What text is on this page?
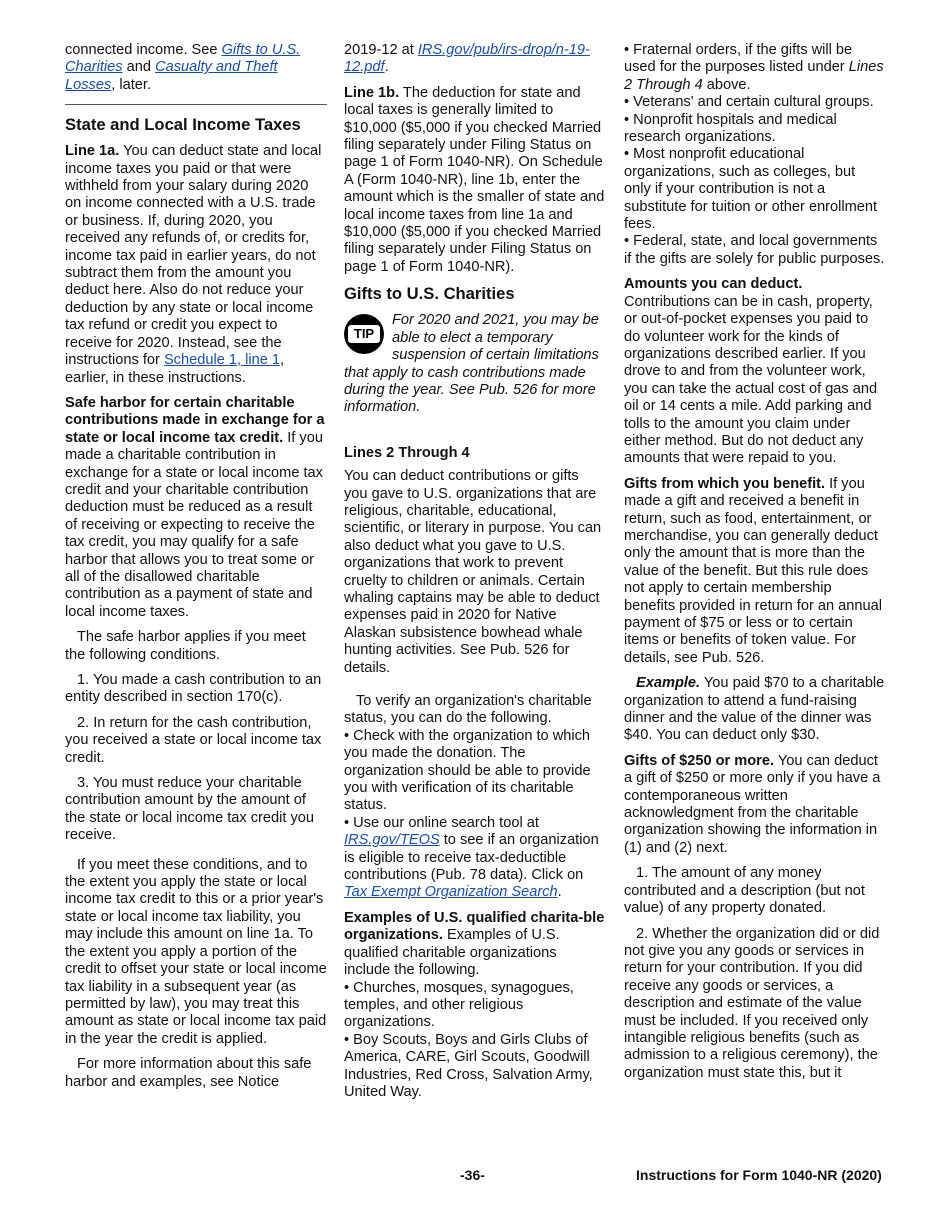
connected income. See Gifts to U.S. Charities and Casualty and Theft Losses, later.

State and Local Income Taxes

Line 1a. You can deduct state and local income taxes you paid or that were withheld from your salary during 2020 on income connected with a U.S. trade or business. If, during 2020, you received any refunds of, or credits for, income tax paid in earlier years, do not subtract them from the amount you deduct here. Also do not reduce your deduction by any state or local income tax refund or credit you expect to receive for 2020. Instead, see the instructions for Schedule 1, line 1, earlier, in these instructions.

Safe harbor for certain charitable contributions made in exchange for a state or local income tax credit. If you made a charitable contribution in exchange for a state or local income tax credit and your charitable contribution deduction must be reduced as a result of receiving or expecting to receive the tax credit, you may qualify for a safe harbor that allows you to treat some or all of the disallowed charitable contribution as a payment of state and local income taxes.

The safe harbor applies if you meet the following conditions.

1. You made a cash contribution to an entity described in section 170(c).

2. In return for the cash contribution, you received a state or local income tax credit.

3. You must reduce your charitable contribution amount by the amount of the state or local income tax credit you receive.

If you meet these conditions, and to the extent you apply the state or local income tax credit to this or a prior year's state or local income tax liability, you may include this amount on line 1a. To the extent you apply a portion of the credit to offset your state or local income tax liability in a subsequent year (as permitted by law), you may treat this amount as state or local income tax paid in the year the credit is applied.

For more information about this safe harbor and examples, see Notice

2019-12 at IRS.gov/pub/irs-drop/n-19-12.pdf.

Line 1b. The deduction for state and local taxes is generally limited to $10,000 ($5,000 if you checked Married filing separately under Filing Status on page 1 of Form 1040-NR). On Schedule A (Form 1040-NR), line 1b, enter the amount which is the smaller of state and local income taxes from line 1a and $10,000 ($5,000 if you checked Married filing separately under Filing Status on page 1 of Form 1040-NR).

Gifts to U.S. Charities
TIP
For 2020 and 2021, you may be able to elect a temporary suspension of certain limitations that apply to cash contributions made during the year. See Pub. 526 for more information.
Lines 2 Through 4

You can deduct contributions or gifts you gave to U.S. organizations that are religious, charitable, educational, scientific, or literary in purpose. You can also deduct what you gave to U.S. organizations that work to prevent cruelty to children or animals. Certain whaling captains may be able to deduct expenses paid in 2020 for Native Alaskan subsistence bowhead whale hunting activities. See Pub. 526 for details.

To verify an organization's charitable status, you can do the following.

• Check with the organization to which you made the donation. The organization should be able to provide you with verification of its charitable status.

• Use our online search tool at IRS.gov/TEOS to see if an organization is eligible to receive tax-deductible contributions (Pub. 78 data). Click on Tax Exempt Organization Search.

Examples of U.S. qualified charita-ble organizations. Examples of U.S. qualified charitable organizations include the following.

• Churches, mosques, synagogues, temples, and other religious organizations.

• Boy Scouts, Boys and Girls Clubs of America, CARE, Girl Scouts, Goodwill Industries, Red Cross, Salvation Army, United Way.

• Fraternal orders, if the gifts will be used for the purposes listed under Lines 2 Through 4 above.

• Veterans' and certain cultural groups.

• Nonprofit hospitals and medical research organizations.

• Most nonprofit educational organizations, such as colleges, but only if your contribution is not a substitute for tuition or other enrollment fees.

• Federal, state, and local governments if the gifts are solely for public purposes.

Amounts you can deduct. Contributions can be in cash, property, or out-of-pocket expenses you paid to do volunteer work for the kinds of organizations described earlier. If you drove to and from the volunteer work, you can take the actual cost of gas and oil or 14 cents a mile. Add parking and tolls to the amount you claim under either method. But do not deduct any amounts that were repaid to you.

Gifts from which you benefit. If you made a gift and received a benefit in return, such as food, entertainment, or merchandise, you can generally deduct only the amount that is more than the value of the benefit. But this rule does not apply to certain membership benefits provided in return for an annual payment of $75 or less or to certain items or benefits of token value. For details, see Pub. 526.

Example. You paid $70 to a charitable organization to attend a fund-raising dinner and the value of the dinner was $40. You can deduct only $30.

Gifts of $250 or more. You can deduct a gift of $250 or more only if you have a contemporaneous written acknowledgment from the charitable organization showing the information in (1) and (2) next.

1. The amount of any money contributed and a description (but not value) of any property donated.

2. Whether the organization did or did not give you any goods or services in return for your contribution. If you did receive any goods or services, a description and estimate of the value must be included. If you received only intangible religious benefits (such as admission to a religious ceremony), the organization must state this, but it

-36-	Instructions for Form 1040-NR (2020)
